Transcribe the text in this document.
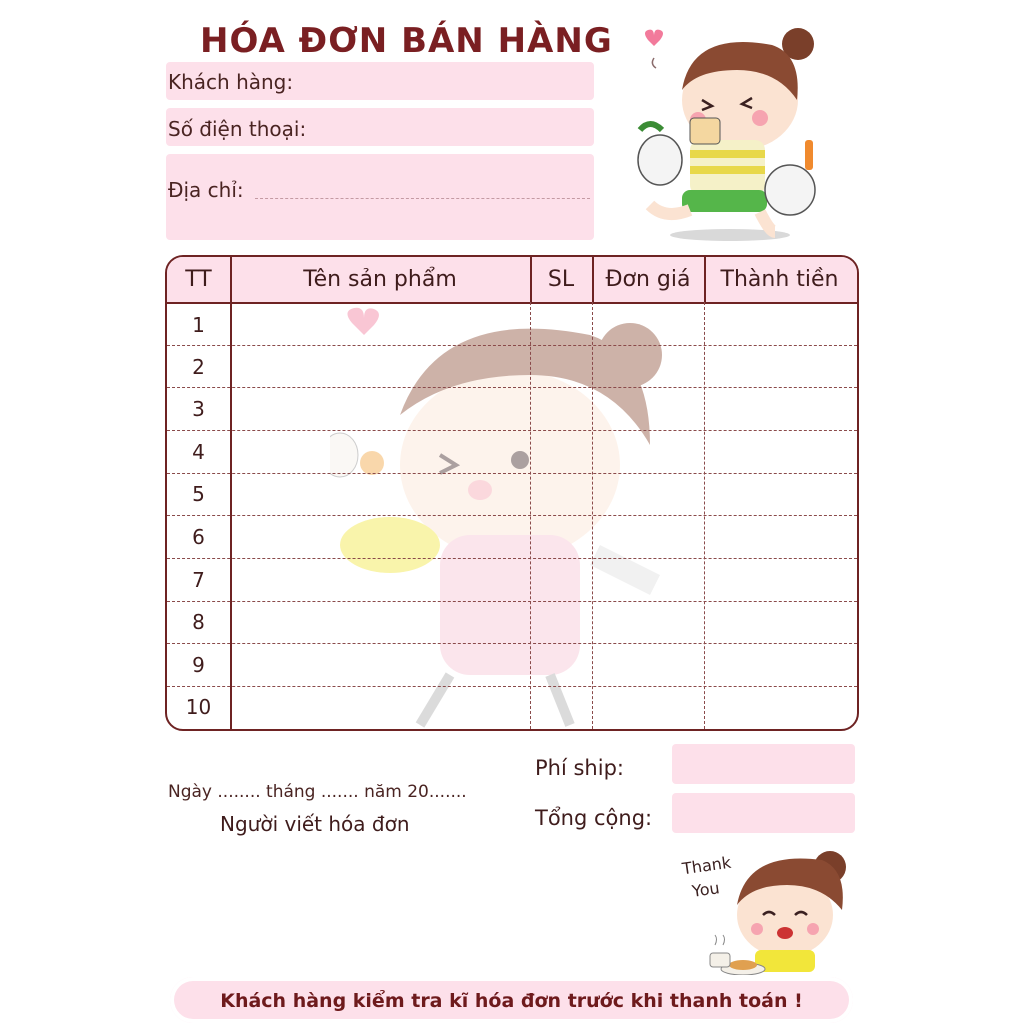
HÓA ĐƠN BÁN HÀNG
Khách hàng:
Số điện thoại:
Địa chỉ:
TT	Tên sản phẩm	SL	Đơn giá	Thành tiền
1
2
3
4
5
6
7
8
9
10
Ngày ........ tháng ....... năm 20.......
Người viết hóa đơn
Phí ship:
Tổng cộng:
Thank
You
Khách hàng kiểm tra kĩ hóa đơn trước khi thanh toán !
